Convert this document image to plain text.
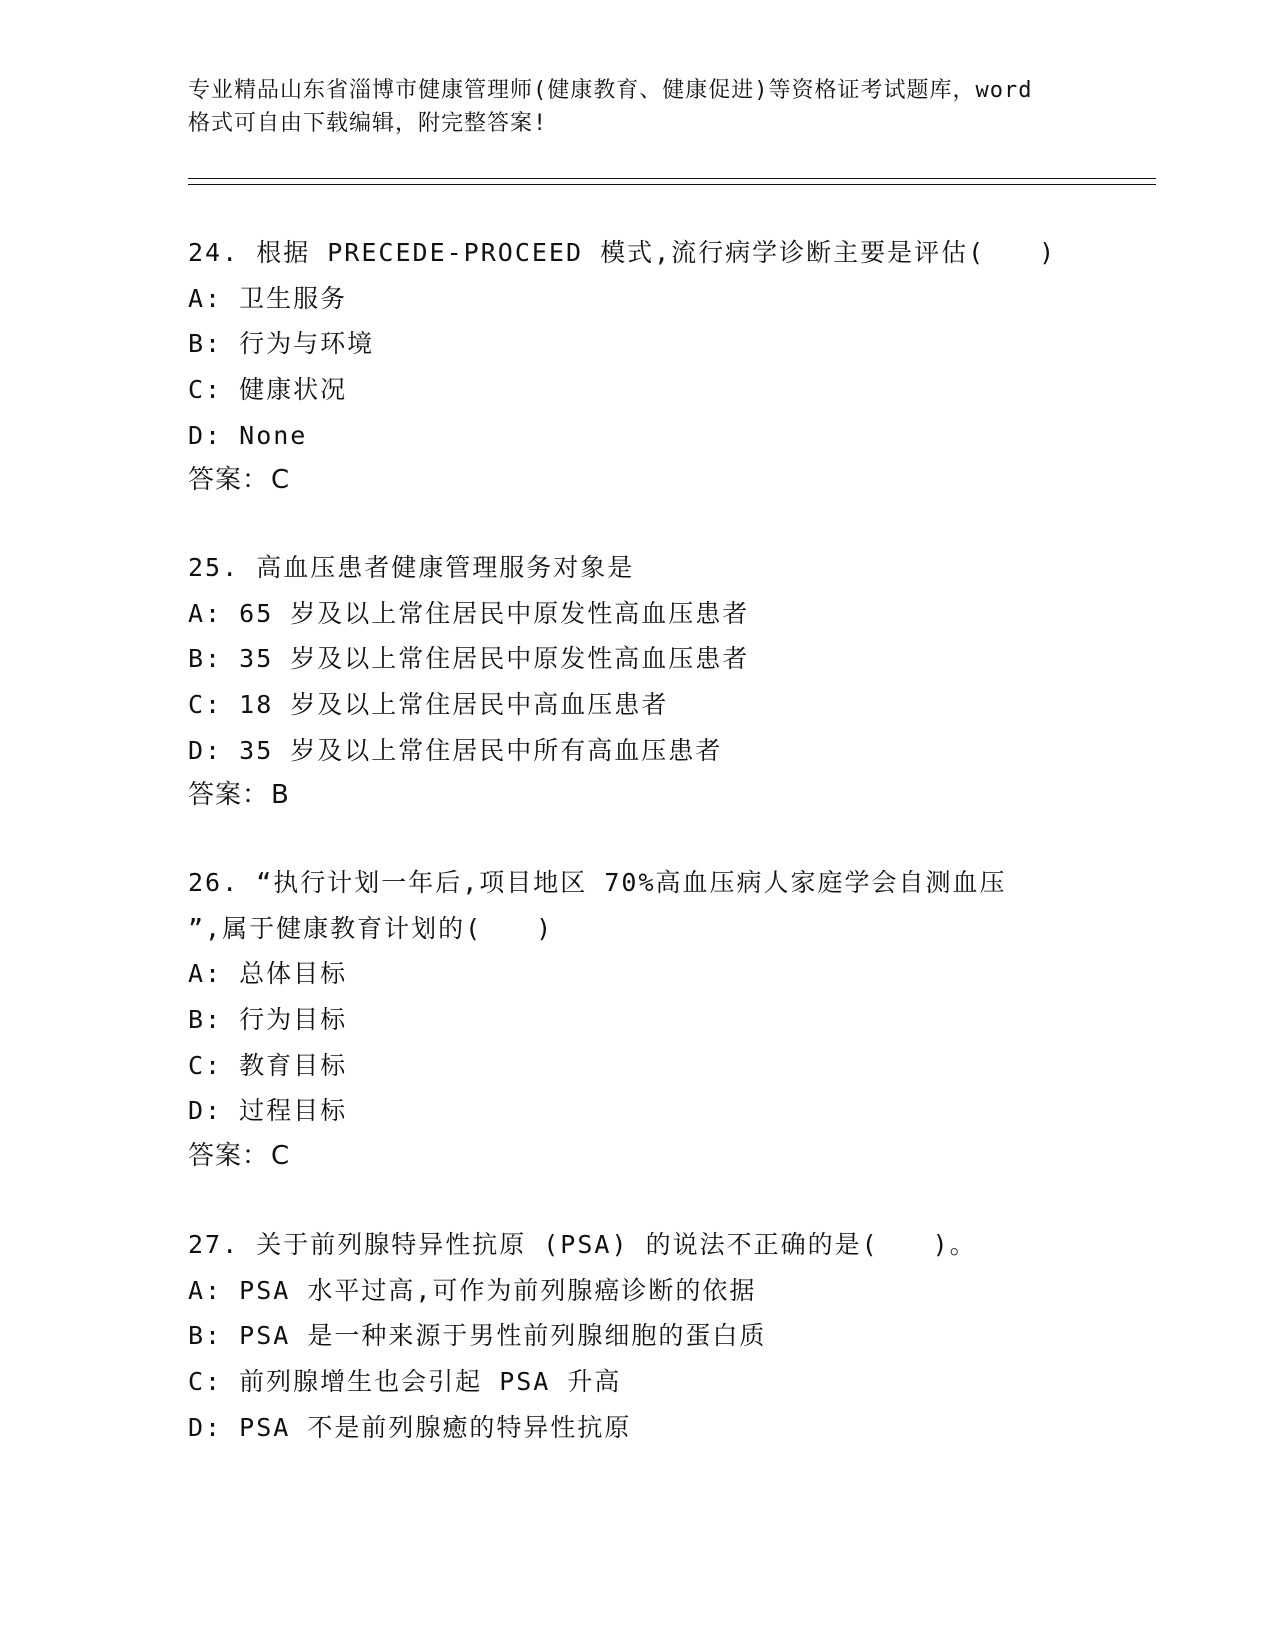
专业精品山东省淄博市健康管理师(健康教育、健康促进)等资格证考试题库，word
格式可自由下载编辑，附完整答案!
24. 根据 PRECEDE-PROCEED 模式,流行病学诊断主要是评估(　　)
A: 卫生服务
B: 行为与环境
C: 健康状况
D: None
答案：C
25. 高血压患者健康管理服务对象是
A: 65 岁及以上常住居民中原发性高血压患者
B: 35 岁及以上常住居民中原发性高血压患者
C: 18 岁及以上常住居民中高血压患者
D: 35 岁及以上常住居民中所有高血压患者
答案：B
26. “执行计划一年后,项目地区 70%高血压病人家庭学会自测血压
”,属于健康教育计划的(　　)
A: 总体目标
B: 行为目标
C: 教育目标
D: 过程目标
答案：C
27. 关于前列腺特异性抗原 (PSA) 的说法不正确的是(　　)。
A: PSA 水平过高,可作为前列腺癌诊断的依据
B: PSA 是一种来源于男性前列腺细胞的蛋白质
C: 前列腺增生也会引起 PSA 升高
D: PSA 不是前列腺癒的特异性抗原
